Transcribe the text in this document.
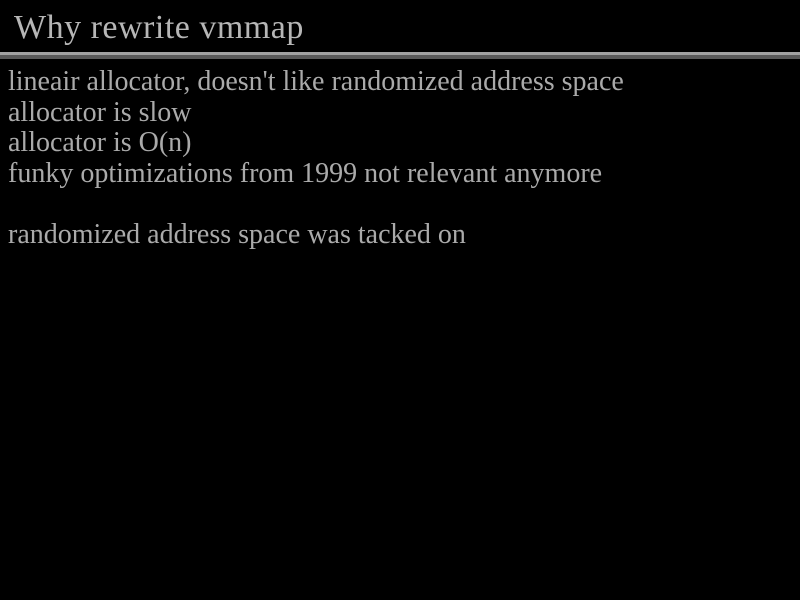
Why rewrite vmmap
lineair allocator, doesn't like randomized address space
allocator is slow
allocator is O(n)
funky optimizations from 1999 not relevant anymore
randomized address space was tacked on
